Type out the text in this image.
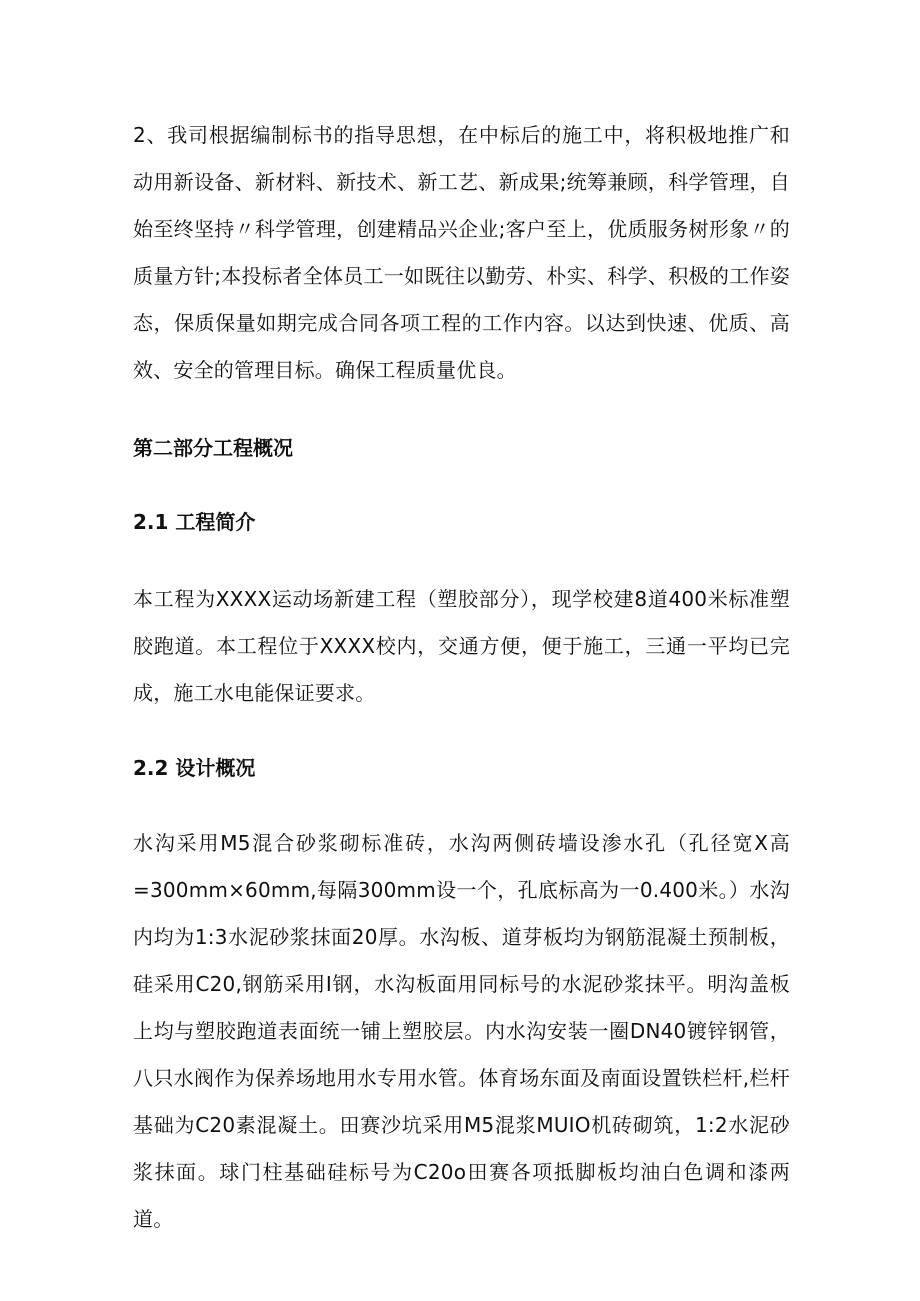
2、我司根据编制标书的指导思想，在中标后的施工中，将积极地推广和动用新设备、新材料、新技术、新工艺、新成果;统筹兼顾，科学管理，自始至终坚持〃科学管理，创建精品兴企业;客户至上，优质服务树形象〃的质量方针;本投标者全体员工一如既往以勤劳、朴实、科学、积极的工作姿态，保质保量如期完成合同各项工程的工作内容。以达到快速、优质、高效、安全的管理目标。确保工程质量优良。

第二部分工程概况
2.1 工程简介

本工程为XXXX运动场新建工程（塑胶部分），现学校建8道400米标准塑胶跑道。本工程位于XXXX校内，交通方便，便于施工，三通一平均已完成，施工水电能保证要求。

2.2 设计概况

水沟采用M5混合砂浆砌标准砖，水沟两侧砖墙设渗水孔（孔径宽X高=300mm×60mm,每隔300mm设一个，孔底标高为一0.400米。）水沟内均为1:3水泥砂浆抹面20厚。水沟板、道芽板均为钢筋混凝土预制板，硅采用C20,钢筋采用I钢，水沟板面用同标号的水泥砂浆抹平。明沟盖板上均与塑胶跑道表面统一铺上塑胶层。内水沟安装一圈DN40镀锌钢管，八只水阀作为保养场地用水专用水管。体育场东面及南面设置铁栏杆,栏杆基础为C20素混凝土。田赛沙坑采用M5混浆MUIO机砖砌筑，1:2水泥砂浆抹面。球门柱基础硅标号为C20o田赛各项抵脚板均油白色调和漆两道。
